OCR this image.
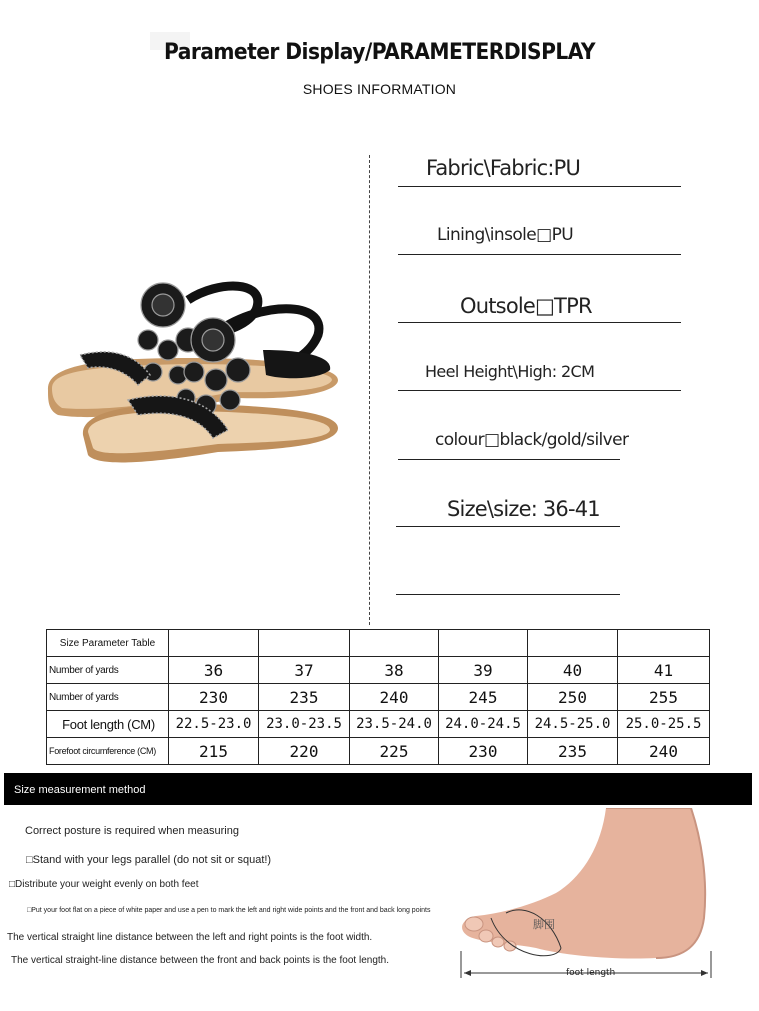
Parameter Display/PARAMETERDISPLAY
SHOES INFORMATION
Fabric\Fabric:PU
Lining\insole□PU
Outsole□TPR
Heel Height\High: 2CM
colour□black/gold/silver
Size\size: 36-41
Size Parameter Table						
Number of yards	36	37	38	39	40	41
Number of yards	230	235	240	245	250	255
Foot length (CM)	22.5-23.0	23.0-23.5	23.5-24.0	24.0-24.5	24.5-25.0	25.0-25.5
Forefoot circumference (CM)	215	220	225	230	235	240
Size measurement method
Correct posture is required when measuring
□Stand with your legs parallel (do not sit or squat!)
□Distribute your weight evenly on both feet
□Put your foot flat on a piece of white paper and use a pen to mark the left and right wide points and the front and back long points
The vertical straight line distance between the left and right points is the foot width.
The vertical straight-line distance between the front and back points is the foot length.
脚围
foot length
